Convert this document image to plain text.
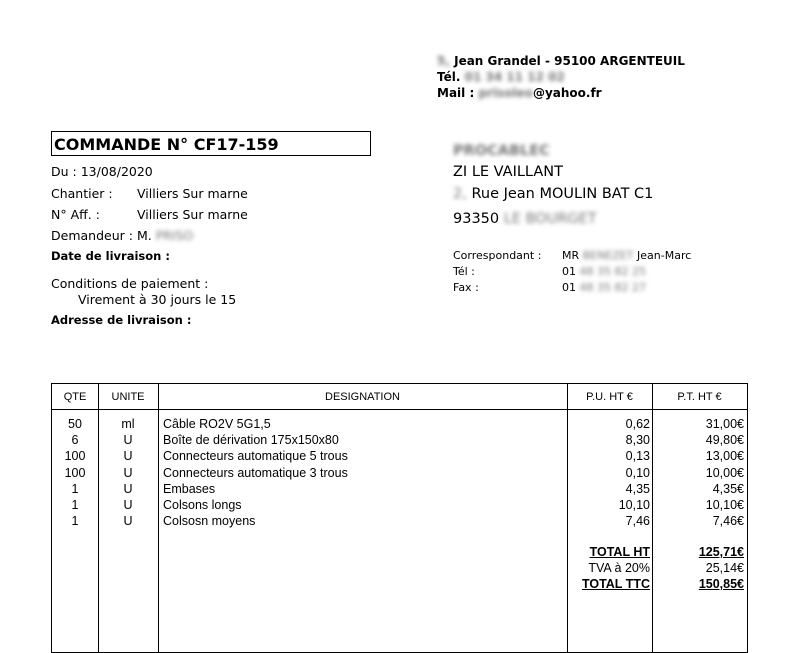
5, Jean Grandel - 95100 ARGENTEUIL
Tél. 01 34 11 12 02
Mail : prisoleo@yahoo.fr
COMMANDE N° CF17-159
Du : 13/08/2020
Chantier : Villiers Sur marne
N° Aff. :	Villiers Sur marne
Demandeur : M. PRISO
Date de livraison :
Conditions de paiement :
Virement à 30 jours le 15
Adresse de livraison :
PROCABLEC
ZI LE VAILLANT
2, Rue Jean MOULIN BAT C1
93350 LE BOURGET
Correspondant : MR BENEZET Jean-Marc
Tél :	01 48 35 82 25
Fax :	01 48 35 82 27
QTE	UNITE	DESIGNATION	P.U. HT €	P.T. HT €
50	ml	Câble RO2V 5G1,5	0,62	31,00€
6	U	Boîte de dérivation 175x150x80	8,30	49,80€
100	U	Connecteurs automatique 5 trous	0,13	13,00€
100	U	Connecteurs automatique 3 trous	0,10	10,00€
1	U	Embases	4,35	4,35€
1	U	Colsons longs	10,10	10,10€
1	U	Colsosn moyens	7,46	7,46€
TOTAL HT	125,71€
TVA à 20%	25,14€
TOTAL TTC	150,85€
